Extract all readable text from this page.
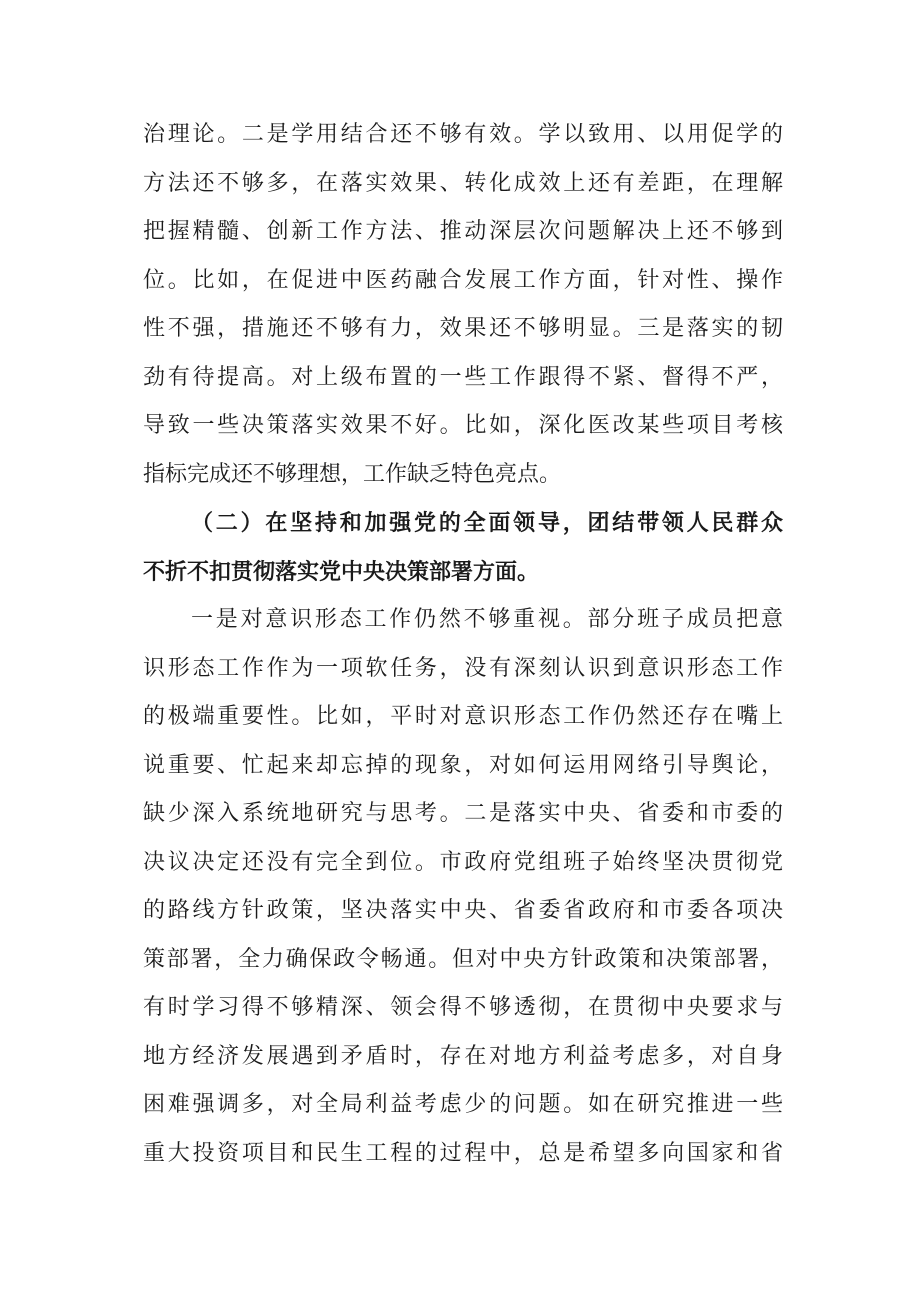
治理论。二是学用结合还不够有效。学以致用、以用促学的
方法还不够多，在落实效果、转化成效上还有差距，在理解
把握精髓、创新工作方法、推动深层次问题解决上还不够到
位。比如，在促进中医药融合发展工作方面，针对性、操作
性不强，措施还不够有力，效果还不够明显。三是落实的韧
劲有待提高。对上级布置的一些工作跟得不紧、督得不严，
导致一些决策落实效果不好。比如，深化医改某些项目考核
指标完成还不够理想，工作缺乏特色亮点。
（二）在坚持和加强党的全面领导，团结带领人民群众
不折不扣贯彻落实党中央决策部署方面。
一是对意识形态工作仍然不够重视。部分班子成员把意
识形态工作作为一项软任务，没有深刻认识到意识形态工作
的极端重要性。比如，平时对意识形态工作仍然还存在嘴上
说重要、忙起来却忘掉的现象，对如何运用网络引导舆论，
缺少深入系统地研究与思考。二是落实中央、省委和市委的
决议决定还没有完全到位。市政府党组班子始终坚决贯彻党
的路线方针政策，坚决落实中央、省委省政府和市委各项决
策部署，全力确保政令畅通。但对中央方针政策和决策部署，
有时学习得不够精深、领会得不够透彻，在贯彻中央要求与
地方经济发展遇到矛盾时，存在对地方利益考虑多，对自身
困难强调多，对全局利益考虑少的问题。如在研究推进一些
重大投资项目和民生工程的过程中，总是希望多向国家和省
